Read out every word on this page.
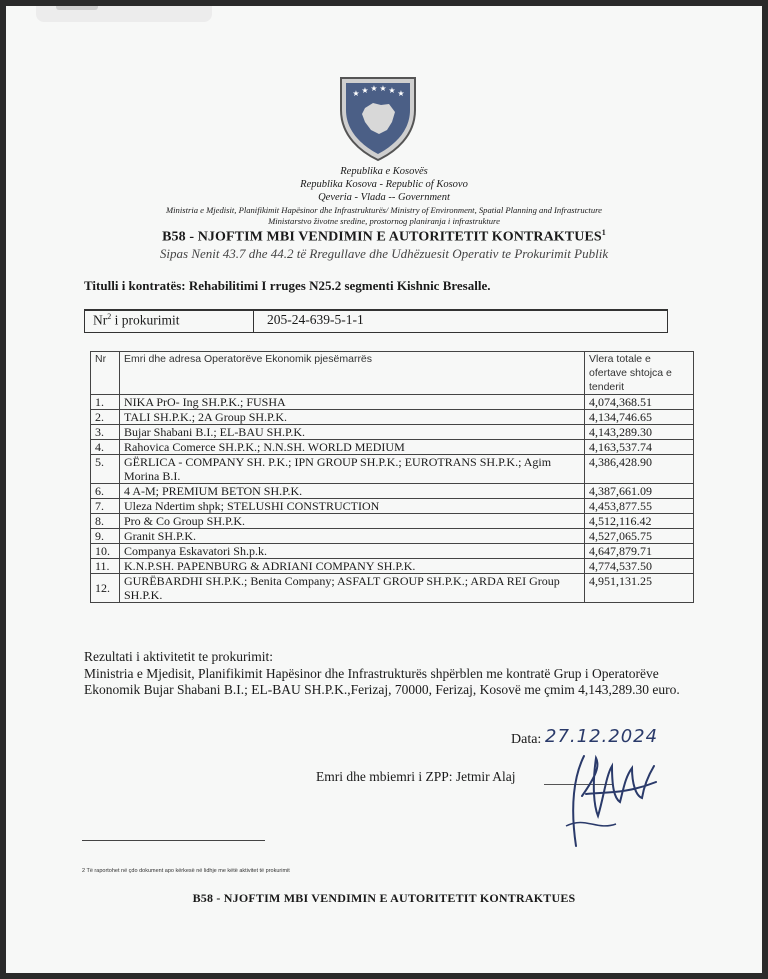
★ ★ ★ ★ ★ ★
Republika e Kosovës
Republika Kosova - Republic of Kosovo
Qeveria - Vlada -- Government
Ministria e Mjedisit, Planifikimit Hapësinor dhe Infrastrukturës/ Ministry of Environment, Spatial Planning and Infrastructure
Ministarstvo životne sredine, prostornog planiranja i infrastrukture
B58 - NJOFTIM MBI VENDIMIN E AUTORITETIT KONTRAKTUES$^1$
Sipas Nenit 43.7 dhe 44.2 të Rregullave dhe Udhëzuesit Operativ te Prokurimit Publik
Titulli i kontratës: Rehabilitimi I rruges N25.2 segmenti Kishnic Bresalle.
Nr$^2$ i prokurimit	205-24-639-5-1-1
Nr	Emri dhe adresa Operatorëve Ekonomik pjesëmarrës	Vlera totale e ofertave shtojca e tenderit
1.	NIKA PrO- Ing SH.P.K.; FUSHA	4,074,368.51
2.	TALI SH.P.K.; 2A Group SH.P.K.	4,134,746.65
3.	Bujar Shabani B.I.; EL-BAU SH.P.K.	4,143,289.30
4.	Rahovica Comerce SH.P.K.; N.N.SH. WORLD MEDIUM	4,163,537.74
5.	GËRLICA - COMPANY SH. P.K.; IPN GROUP SH.P.K.; EUROTRANS SH.P.K.; Agim Morina B.I.	4,386,428.90
6.	4 A-M; PREMIUM BETON SH.P.K.	4,387,661.09
7.	Uleza Ndertim shpk; STELUSHI CONSTRUCTION	4,453,877.55
8.	Pro & Co Group SH.P.K.	4,512,116.42
9.	Granit SH.P.K.	4,527,065.75
10.	Companya Eskavatori Sh.p.k.	4,647,879.71
11.	K.N.P.SH. PAPENBURG & ADRIANI COMPANY SH.P.K.	4,774,537.50
12.	GURËBARDHI SH.P.K.; Benita Company; ASFALT GROUP SH.P.K.; ARDA REI Group SH.P.K.	4,951,131.25
Rezultati i aktivitetit te prokurimit:
Ministria e Mjedisit, Planifikimit Hapësinor dhe Infrastrukturës shpërblen me kontratë Grup i Operatorëve Ekonomik Bujar Shabani B.I.; EL-BAU SH.P.K.,Ferizaj, 70000, Ferizaj, Kosovë me çmim 4,143,289.30 euro.
Data: 27.12.2024
Emri dhe mbiemri i ZPP: Jetmir Alaj
2 Të raportohet në çdo dokument apo kërkesë në lidhje me këtë aktivitet të prokurimit
B58 - NJOFTIM MBI VENDIMIN E AUTORITETIT KONTRAKTUES
